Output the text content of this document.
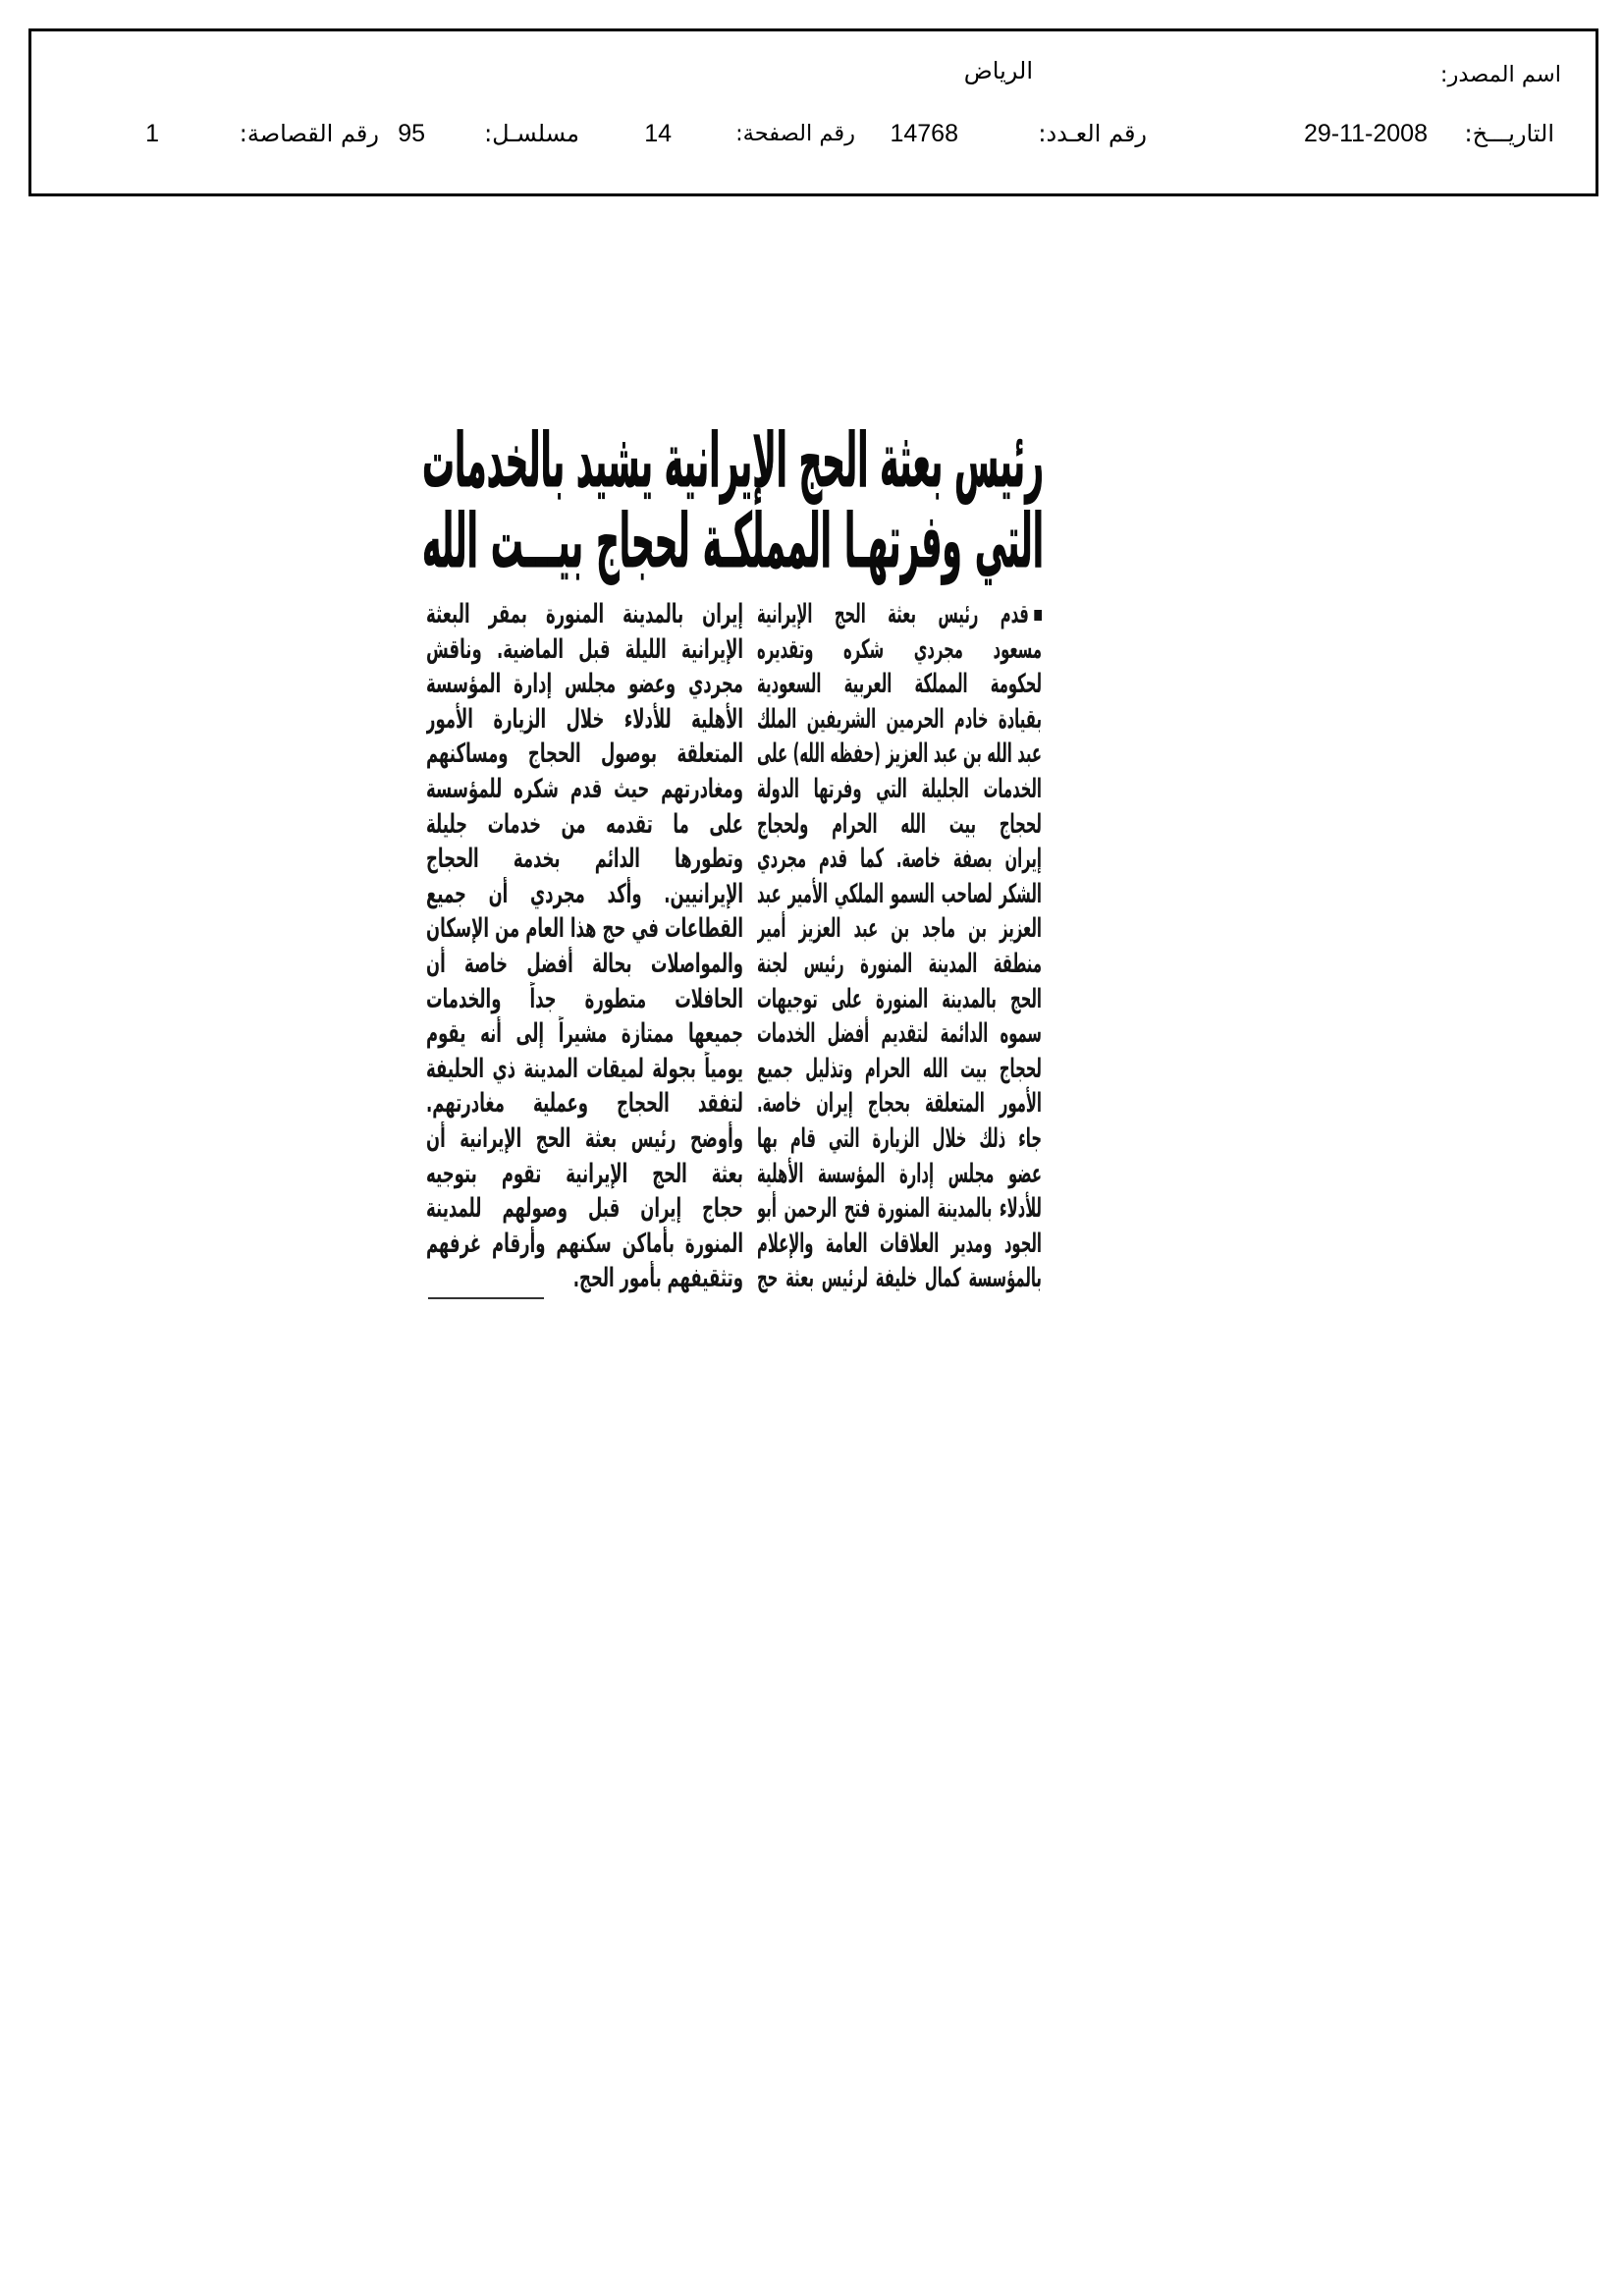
اسم المصدر:
الرياض
التاريـــخ:
29-11-2008
رقم العـدد:
14768
رقم الصفحة:
14
مسلسـل:
95
رقم القصاصة:
1
رئيس بعثة الحج الإيرانية يشيد بالخدمات
التي وفرتهـا المملكـة لحجاج بيـــت الله
قدم رئيس بعثة الحج الإيرانية
مسعود مجردي شكره وتقديره
لحكومة المملكة العربية السعودية
بقيادة خادم الحرمين الشريفين الملك
عبد الله بن عبد العزيز (حفظه الله) على
الخدمات الجليلة التي وفرتها الدولة
لحجاج بيت الله الحرام ولحجاج
إيران بصفة خاصة. كما قدم مجردي
الشكر لصاحب السمو الملكي الأمير عبد
العزيز بن ماجد بن عبد العزيز أمير
منطقة المدينة المنورة رئيس لجنة
الحج بالمدينة المنورة على توجيهات
سموه الدائمة لتقديم أفضل الخدمات
لحجاج بيت الله الحرام وتذليل جميع
الأمور المتعلقة بحجاج إيران خاصة.
جاء ذلك خلال الزيارة التي قام بها
عضو مجلس إدارة المؤسسة الأهلية
للأدلاء بالمدينة المنورة فتح الرحمن أبو
الجود ومدير العلاقات العامة والإعلام
بالمؤسسة كمال خليفة لرئيس بعثة حج
إيران بالمدينة المنورة بمقر البعثة
الإيرانية الليلة قبل الماضية. وناقش
مجردي وعضو مجلس إدارة المؤسسة
الأهلية للأدلاء خلال الزيارة الأمور
المتعلقة بوصول الحجاج ومساكنهم
ومغادرتهم حيث قدم شكره للمؤسسة
على ما تقدمه من خدمات جليلة
وتطورها الدائم بخدمة الحجاج
الإيرانيين. وأكد مجردي أن جميع
القطاعات في حج هذا العام من الإسكان
والمواصلات بحالة أفضل خاصة أن
الحافلات متطورة جداً والخدمات
جميعها ممتازة مشيراً إلى أنه يقوم
يومياً بجولة لميقات المدينة ذي الحليفة
لتفقد الحجاج وعملية مغادرتهم.
وأوضح رئيس بعثة الحج الإيرانية أن
بعثة الحج الإيرانية تقوم بتوجيه
حجاج إيران قبل وصولهم للمدينة
المنورة بأماكن سكنهم وأرقام غرفهم
وتثقيفهم بأمور الحج.
